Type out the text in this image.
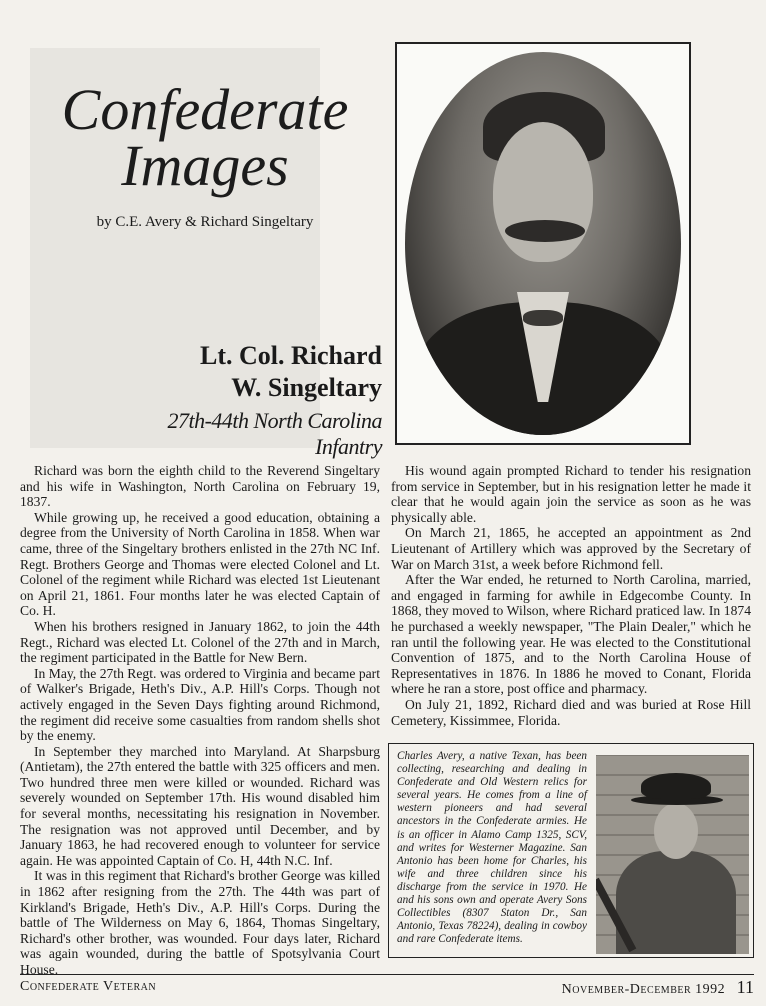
Confederate
Images
by C.E. Avery & Richard Singeltary
Lt. Col. Richard
W. Singeltary
27th-44th North Carolina Infantry

Richard was born the eighth child to the Reverend Singeltary and his wife in Washington, North Carolina on February 19, 1837.

While growing up, he received a good education, obtaining a degree from the University of North Carolina in 1858. When war came, three of the Singeltary brothers enlisted in the 27th NC Inf. Regt. Brothers George and Thomas were elected Colonel and Lt. Colonel of the regiment while Richard was elected 1st Lieutenant on April 21, 1861. Four months later he was elected Captain of Co. H.

When his brothers resigned in January 1862, to join the 44th Regt., Richard was elected Lt. Colonel of the 27th and in March, the regiment participated in the Battle for New Bern.

In May, the 27th Regt. was ordered to Virginia and became part of Walker's Brigade, Heth's Div., A.P. Hill's Corps. Though not actively engaged in the Seven Days fighting around Richmond, the regiment did receive some casualties from random shells shot by the enemy.

In September they marched into Maryland. At Sharpsburg (Antietam), the 27th entered the battle with 325 officers and men. Two hundred three men were killed or wounded. Richard was severely wounded on September 17th. His wound disabled him for several months, necessitating his resignation in November. The resignation was not approved until December, and by January 1863, he had recovered enough to volunteer for service again. He was appointed Captain of Co. H, 44th N.C. Inf.

It was in this regiment that Richard's brother George was killed in 1862 after resigning from the 27th. The 44th was part of Kirkland's Brigade, Heth's Div., A.P. Hill's Corps. During the battle of The Wilderness on May 6, 1864, Thomas Singeltary, Richard's other brother, was wounded. Four days later, Richard was again wounded, during the battle of Spotsylvania Court House.

His wound again prompted Richard to tender his resignation from service in September, but in his resignation letter he made it clear that he would again join the service as soon as he was physically able.

On March 21, 1865, he accepted an appointment as 2nd Lieutenant of Artillery which was approved by the Secretary of War on March 31st, a week before Richmond fell.

After the War ended, he returned to North Carolina, married, and engaged in farming for awhile in Edgecombe County. In 1868, they moved to Wilson, where Richard praticed law. In 1874 he purchased a weekly newspaper, "The Plain Dealer," which he ran until the following year. He was elected to the Constitutional Convention of 1875, and to the North Carolina House of Representatives in 1876. In 1886 he moved to Conant, Florida where he ran a store, post office and pharmacy.

On July 21, 1892, Richard died and was buried at Rose Hill Cemetery, Kissimmee, Florida.

Charles Avery, a native Texan, has been collecting, researching and dealing in Confederate and Old Western relics for several years. He comes from a line of western pioneers and had several ancestors in the Confederate armies. He is an officer in Alamo Camp 1325, SCV, and writes for Westerner Magazine. San Antonio has been home for Charles, his wife and three children since his discharge from the service in 1970. He and his sons own and operate Avery Sons Collectibles (8307 Staton Dr., San Antonio, Texas 78224), dealing in cowboy and rare Confederate items.
Confederate Veteran	November-December 1992 11
